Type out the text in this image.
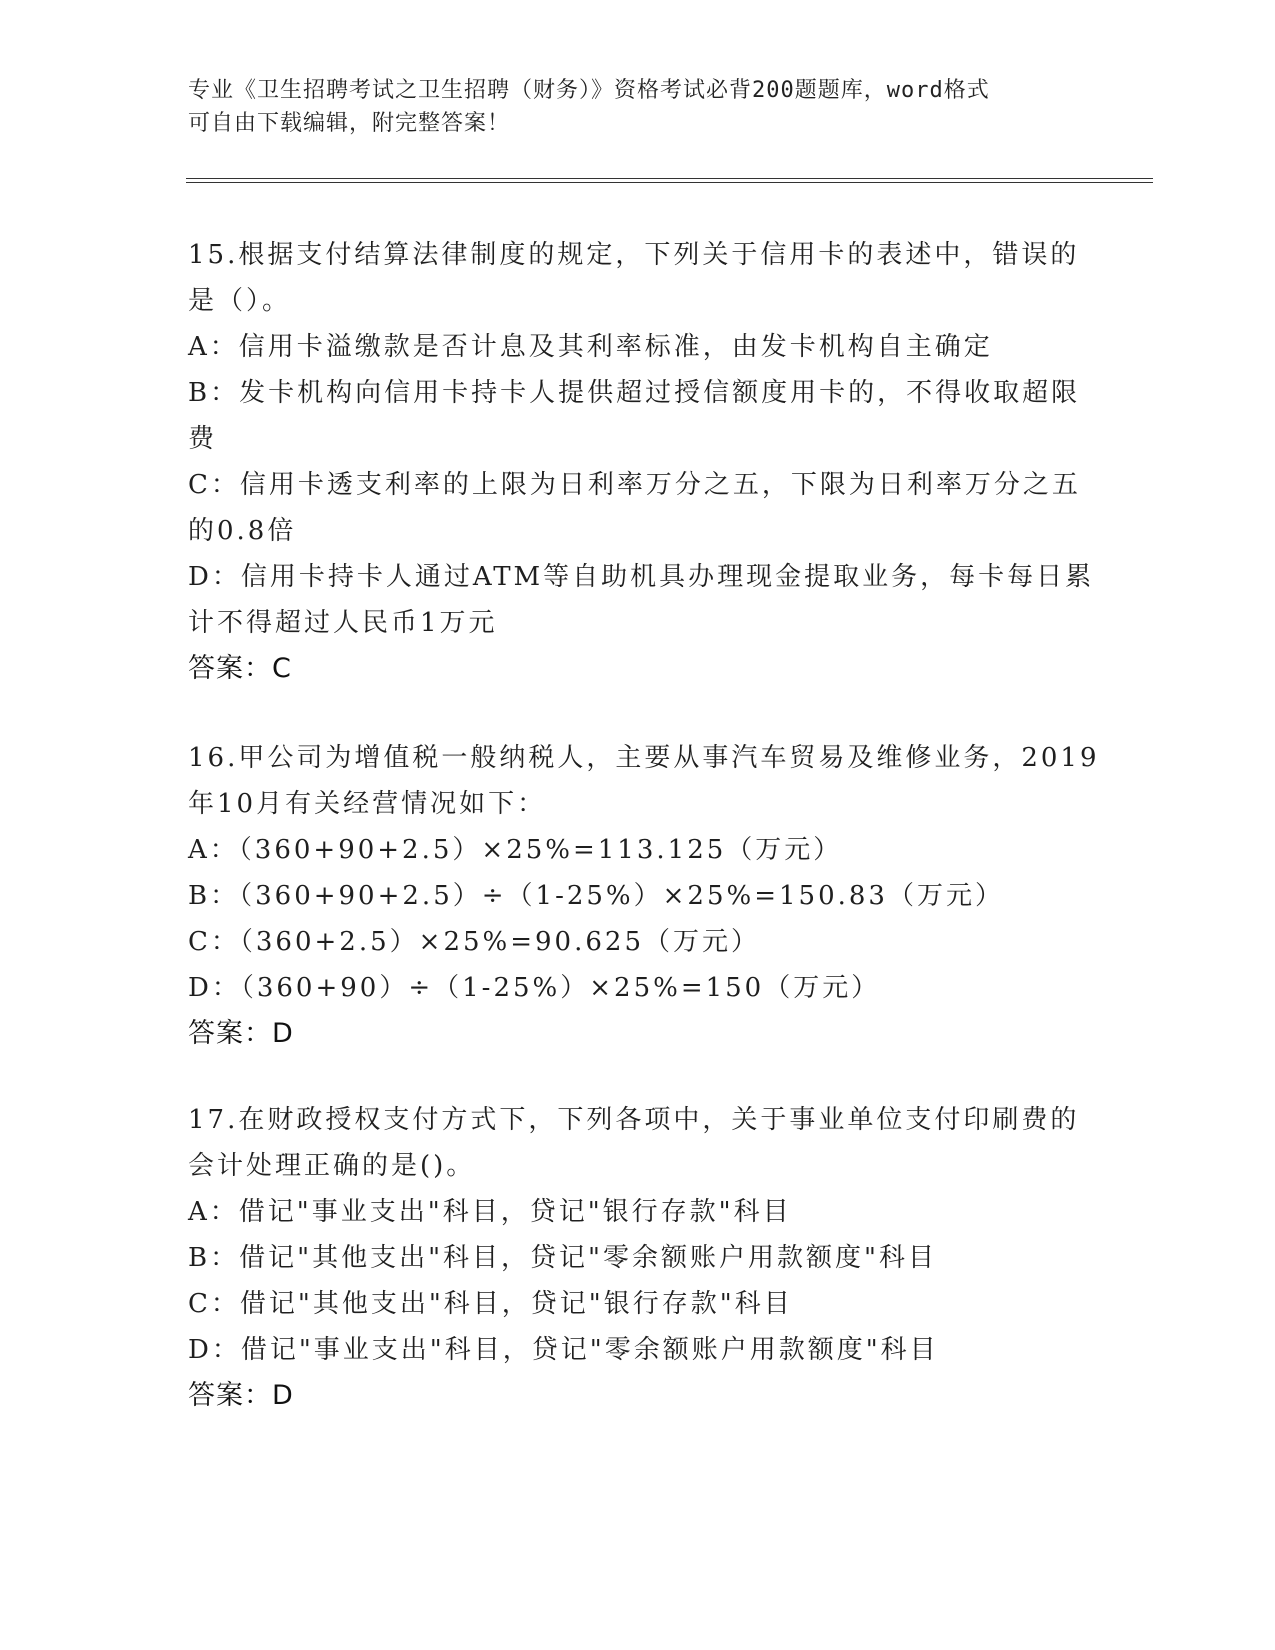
专业《卫生招聘考试之卫生招聘（财务）》资格考试必背200题题库，word格式
可自由下载编辑，附完整答案！
15.根据支付结算法律制度的规定，下列关于信用卡的表述中，错误的
是（）。
A：信用卡溢缴款是否计息及其利率标准，由发卡机构自主确定
B：发卡机构向信用卡持卡人提供超过授信额度用卡的，不得收取超限
费
C：信用卡透支利率的上限为日利率万分之五，下限为日利率万分之五
的0.8倍
D：信用卡持卡人通过ATM等自助机具办理现金提取业务，每卡每日累
计不得超过人民币1万元
答案：C
16.甲公司为增值税一般纳税人，主要从事汽车贸易及维修业务，2019
年10月有关经营情况如下：
A：（360+90+2.5）×25%=113.125（万元）
B：（360+90+2.5）÷（1-25%）×25%=150.83（万元）
C：（360+2.5）×25%=90.625（万元）
D：（360+90）÷（1-25%）×25%=150（万元）
答案：D
17.在财政授权支付方式下，下列各项中，关于事业单位支付印刷费的
会计处理正确的是()。
A：借记"事业支出"科目，贷记"银行存款"科目
B：借记"其他支出"科目，贷记"零余额账户用款额度"科目
C：借记"其他支出"科目，贷记"银行存款"科目
D：借记"事业支出"科目，贷记"零余额账户用款额度"科目
答案：D
